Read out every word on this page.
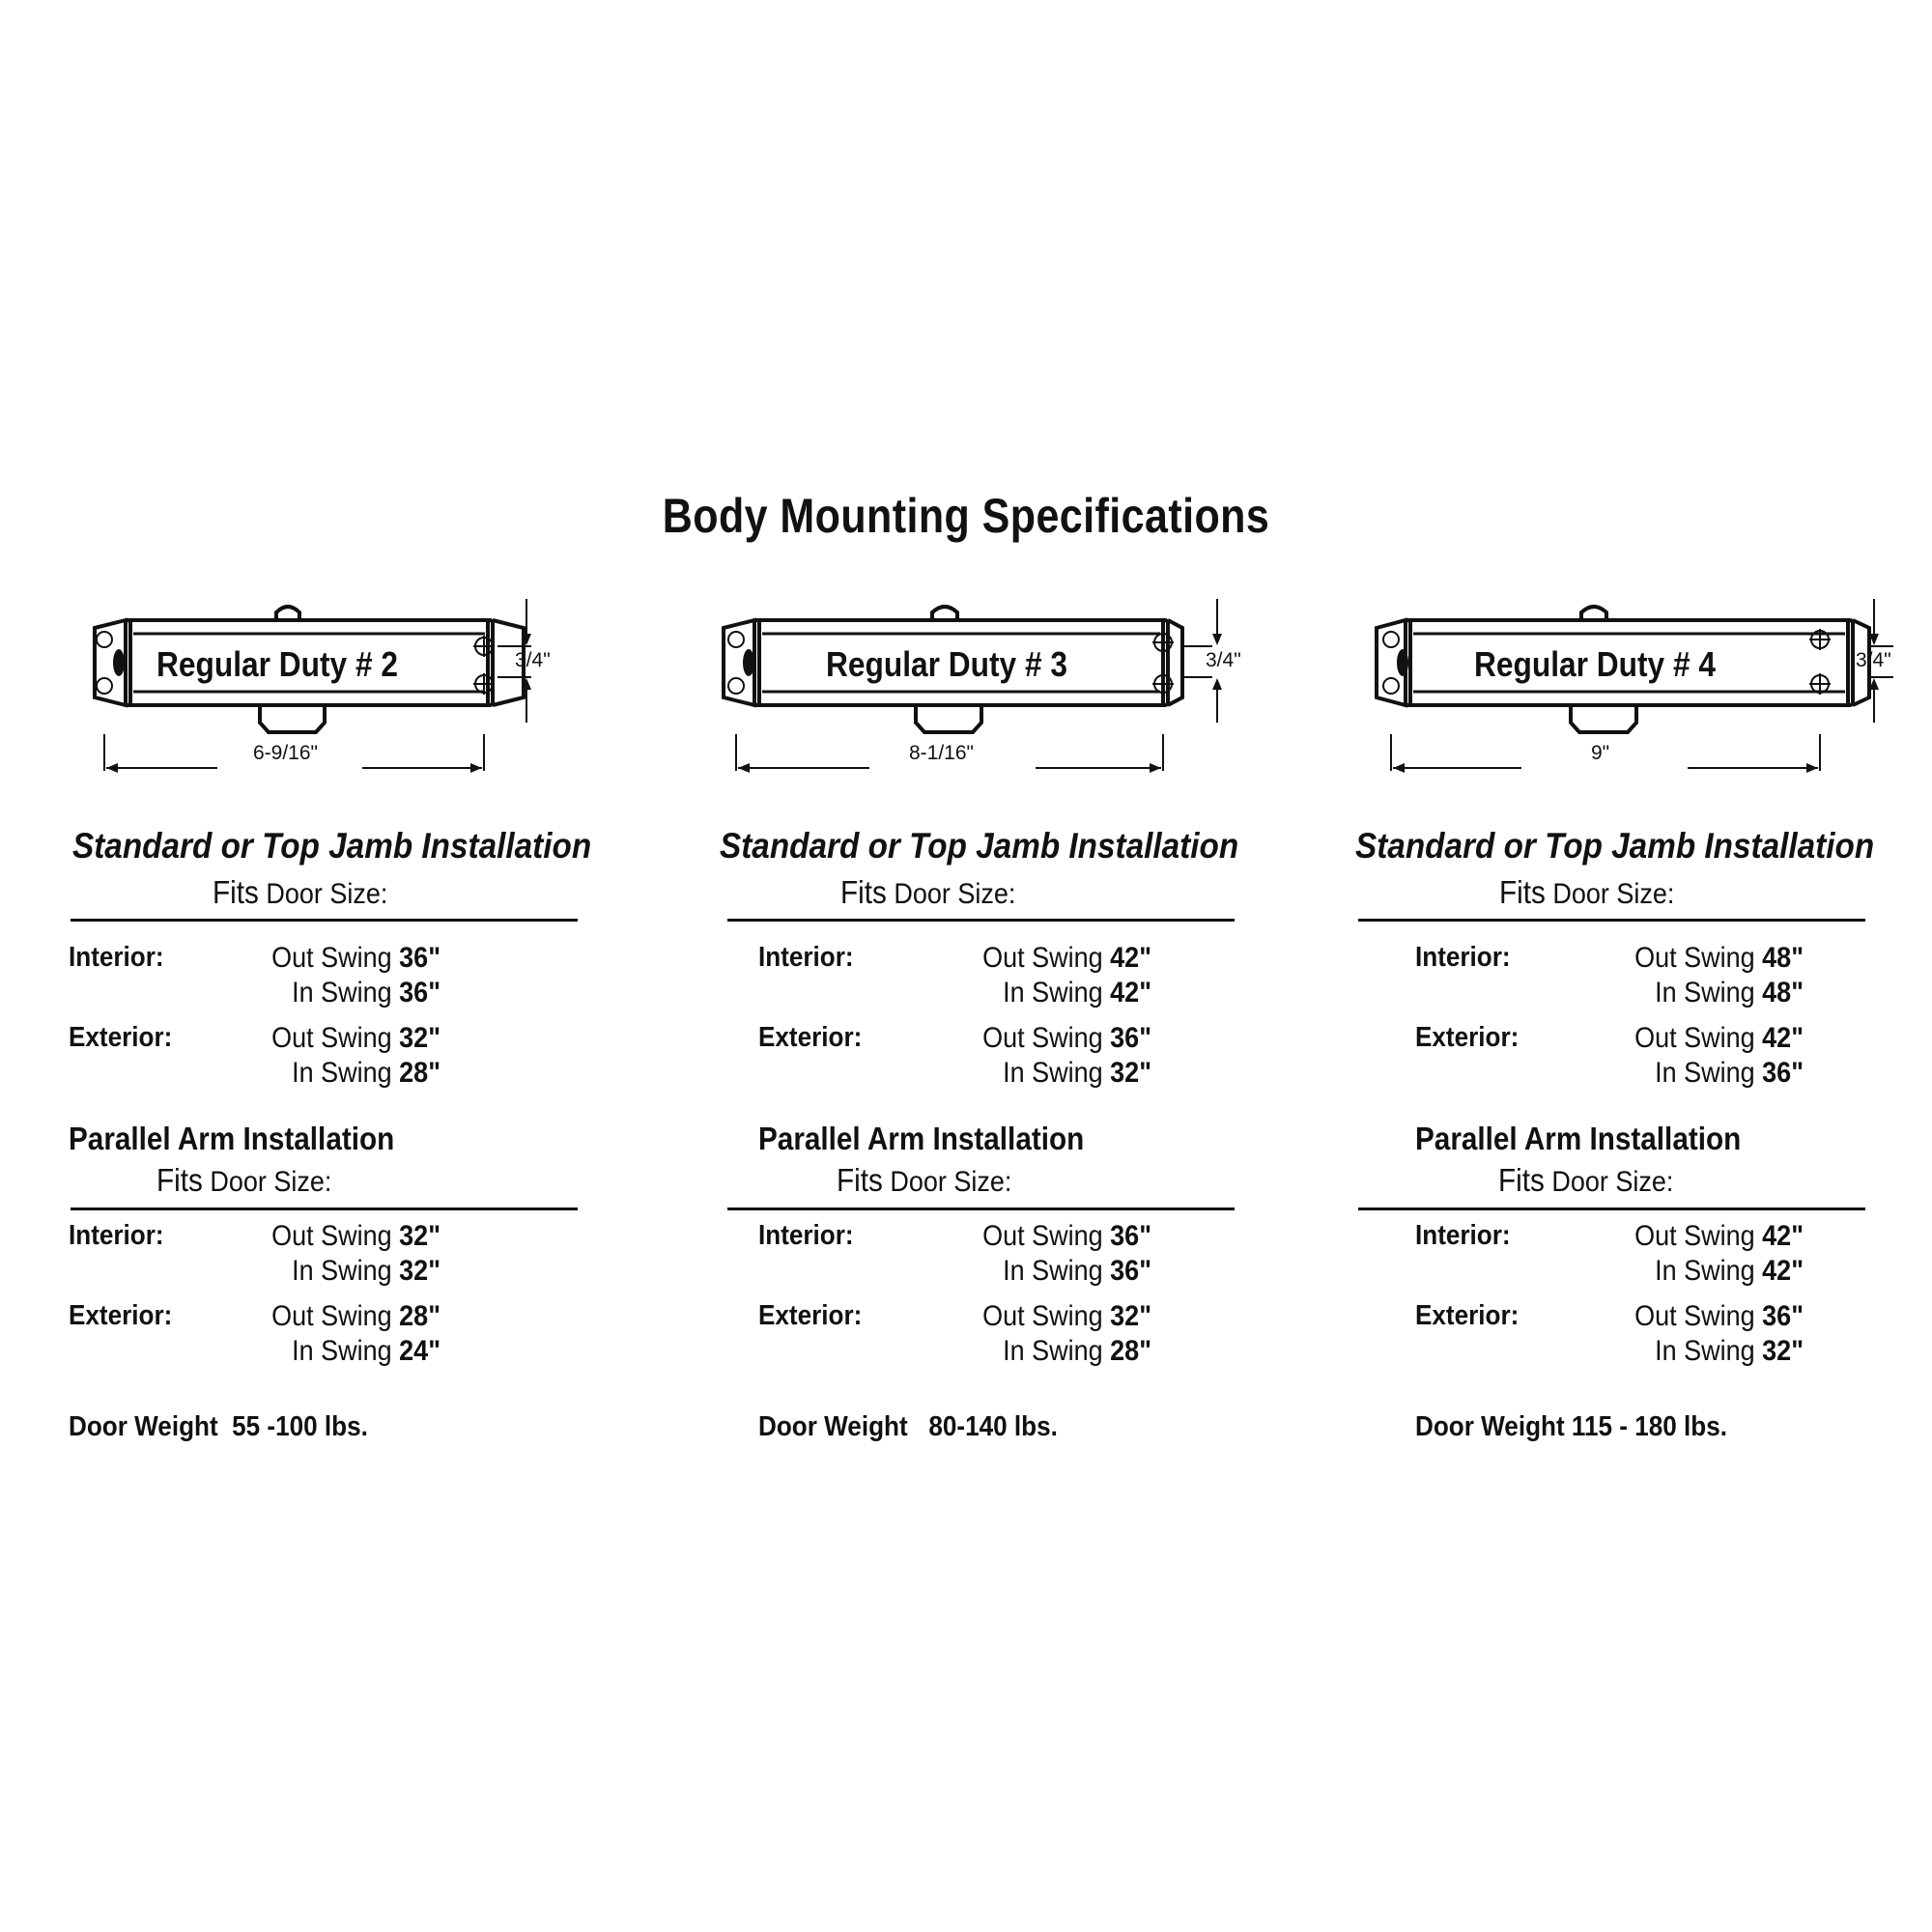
Body Mounting Specifications
Regular Duty # 2
6-9/16"
3/4"
Standard or Top Jamb Installation
Fits Door Size:
Interior:	Out Swing 36"
In Swing 36"
Exterior:	Out Swing 32"
In Swing 28"
Parallel Arm Installation
Fits Door Size:
Interior:	Out Swing 32"
In Swing 32"
Exterior:	Out Swing 28"
In Swing 24"
Door Weight  55 -100 lbs.
Regular Duty # 3
8-1/16"
3/4"
Standard or Top Jamb Installation
Fits Door Size:
Interior:	Out Swing 42"
In Swing 42"
Exterior:	Out Swing 36"
In Swing 32"
Parallel Arm Installation
Fits Door Size:
Interior:	Out Swing 36"
In Swing 36"
Exterior:	Out Swing 32"
In Swing 28"
Door Weight   80-140 lbs.
Regular Duty # 4
9"
3/4"
Standard or Top Jamb Installation
Fits Door Size:
Interior:	Out Swing 48"
In Swing 48"
Exterior:	Out Swing 42"
In Swing 36"
Parallel Arm Installation
Fits Door Size:
Interior:	Out Swing 42"
In Swing 42"
Exterior:	Out Swing 36"
In Swing 32"
Door Weight 115 - 180 lbs.
